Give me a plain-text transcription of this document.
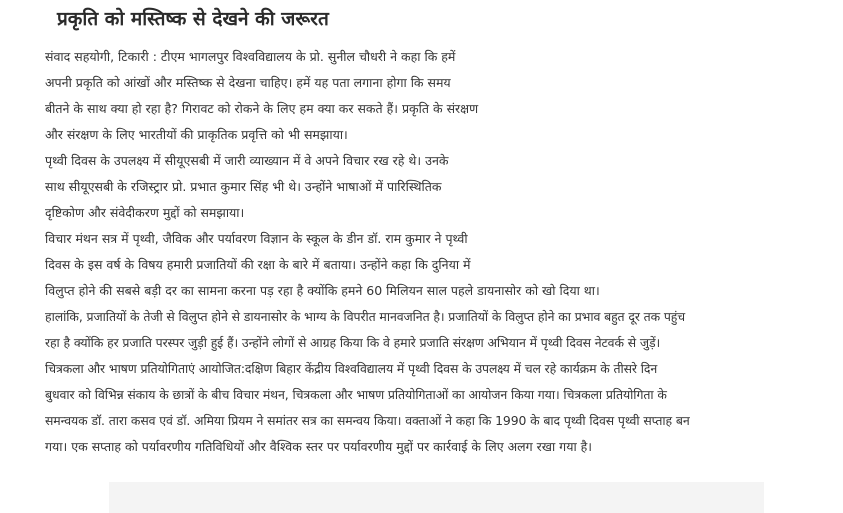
प्रकृति को मस्तिष्क से देखने की जरूरत
संवाद सहयोगी, टिकारी : टीएम भागलपुर विश्वविद्यालय के प्रो. सुनील चौधरी ने कहा कि हमें
अपनी प्रकृति को आंखों और मस्तिष्क से देखना चाहिए। हमें यह पता लगाना होगा कि समय
बीतने के साथ क्या हो रहा है? गिरावट को रोकने के लिए हम क्या कर सकते हैं। प्रकृति के संरक्षण
और संरक्षण के लिए भारतीयों की प्राकृतिक प्रवृत्ति को भी समझाया।
पृथ्वी दिवस के उपलक्ष्य में सीयूएसबी में जारी व्याख्यान में वे अपने विचार रख रहे थे। उनके
साथ सीयूएसबी के रजिस्ट्रार प्रो. प्रभात कुमार सिंह भी थे। उन्होंने भाषाओं में पारिस्थितिक
दृष्टिकोण और संवेदीकरण मुद्दों को समझाया।
विचार मंथन सत्र में पृथ्वी, जैविक और पर्यावरण विज्ञान के स्कूल के डीन डॉ. राम कुमार ने पृथ्वी
दिवस के इस वर्ष के विषय हमारी प्रजातियों की रक्षा के बारे में बताया। उन्होंने कहा कि दुनिया में
विलुप्त होने की सबसे बड़ी दर का सामना करना पड़ रहा है क्योंकि हमने 60 मिलियन साल पहले डायनासोर को खो दिया था।
हालांकि, प्रजातियों के तेजी से विलुप्त होने से डायनासोर के भाग्य के विपरीत मानवजनित है। प्रजातियों के विलुप्त होने का प्रभाव बहुत दूर तक पहुंच
रहा है क्योंकि हर प्रजाति परस्पर जुड़ी हुई हैं। उन्होंने लोगों से आग्रह किया कि वे हमारे प्रजाति संरक्षण अभियान में पृथ्वी दिवस नेटवर्क से जुड़ें।
चित्रकला और भाषण प्रतियोगिताएं आयोजित:दक्षिण बिहार केंद्रीय विश्वविद्यालय में पृथ्वी दिवस के उपलक्ष्य में चल रहे कार्यक्रम के तीसरे दिन
बुधवार को विभिन्न संकाय के छात्रों के बीच विचार मंथन, चित्रकला और भाषण प्रतियोगिताओं का आयोजन किया गया। चित्रकला प्रतियोगिता के
समन्वयक डॉ. तारा कसव एवं डॉ. अमिया प्रियम ने समांतर सत्र का समन्वय किया। वक्ताओं ने कहा कि 1990 के बाद पृथ्वी दिवस पृथ्वी सप्ताह बन
गया। एक सप्ताह को पर्यावरणीय गतिविधियों और वैश्विक स्तर पर पर्यावरणीय मुद्दों पर कार्रवाई के लिए अलग रखा गया है।
